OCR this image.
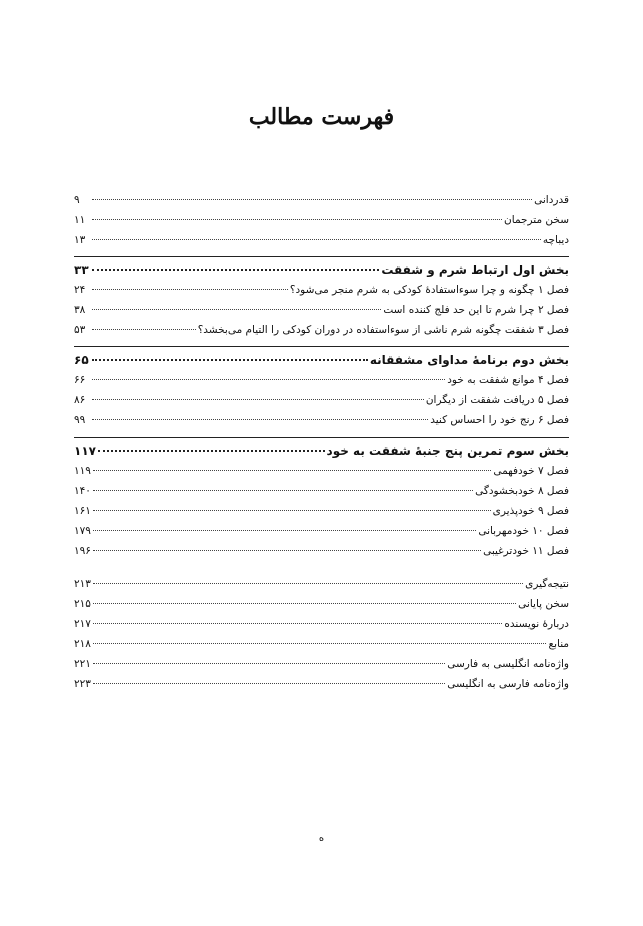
فهرست مطالب
قدردانی
۹
سخن مترجمان
۱۱
دیباچه
۱۳
بخش اول ارتباط شرم و شفقت
۳۳
فصل ۱ چگونه و چرا سوءاستفادهٔ کودکی به شرم منجر می‌شود؟
۲۴
فصل ۲ چرا شرم تا این حد فلج کننده است
۳۸
فصل ۳ شفقت چگونه شرم ناشی از سوءاستفاده در دوران کودکی را التیام می‌بخشد؟
۵۳
بخش دوم برنامهٔ مداوای مشفقانه
۶۵
فصل ۴ موانع شفقت به خود
۶۶
فصل ۵ دریافت شفقت از دیگران
۸۶
فصل ۶ رنج خود را احساس کنید
۹۹
بخش سوم تمرین پنج جنبهٔ شفقت به خود
۱۱۷
فصل ۷ خودفهمی
۱۱۹
فصل ۸ خودبخشودگی
۱۴۰
فصل ۹ خودپذیری
۱۶۱
فصل ۱۰ خودمهربانی
۱۷۹
فصل ۱۱ خودترغیبی
۱۹۶
نتیجه‌گیری
۲۱۳
سخن پایانی
۲۱۵
دربارهٔ نویسنده
۲۱۷
منابع
۲۱۸
واژه‌نامه انگلیسی به فارسی
۲۲۱
واژه‌نامه فارسی به انگلیسی
۲۲۳
ه
